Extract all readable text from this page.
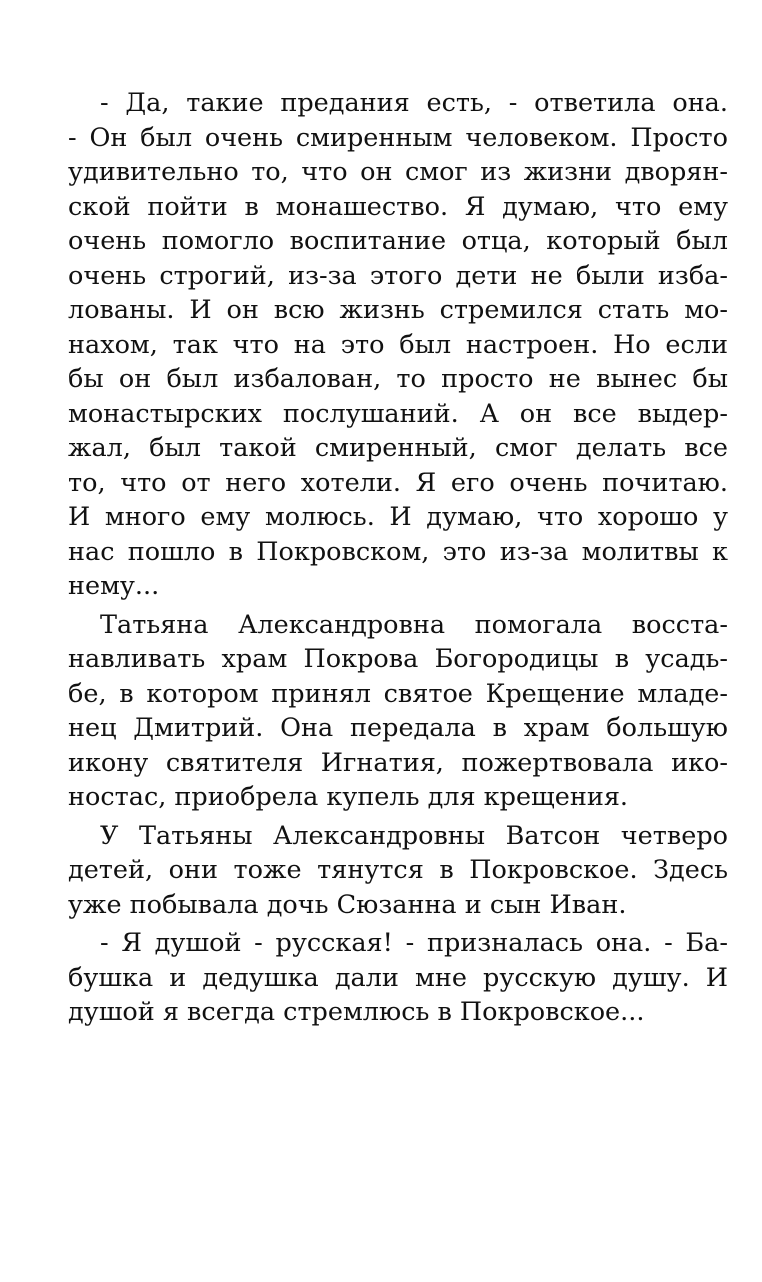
- Да, такие предания есть, - ответила она.
- Он был очень смиренным человеком. Просто
удивительно то, что он смог из жизни дворян-
ской пойти в монашество. Я думаю, что ему
очень помогло воспитание отца, который был
очень строгий, из-за этого дети не были изба-
лованы. И он всю жизнь стремился стать мо-
нахом, так что на это был настроен. Но если
бы он был избалован, то просто не вынес бы
монастырских послушаний. А он все выдер-
жал, был такой смиренный, смог делать все
то, что от него хотели. Я его очень почитаю.
И много ему молюсь. И думаю, что хорошо у
нас пошло в Покровском, это из-за молитвы к
нему...
Татьяна Александровна помогала восста-
навливать храм Покрова Богородицы в усадь-
бе, в котором принял святое Крещение младе-
нец Дмитрий. Она передала в храм большую
икону святителя Игнатия, пожертвовала ико-
ностас, приобрела купель для крещения.
У Татьяны Александровны Ватсон четверо
детей, они тоже тянутся в Покровское. Здесь
уже побывала дочь Сюзанна и сын Иван.
- Я душой - русская! - призналась она. - Ба-
бушка и дедушка дали мне русскую душу. И
душой я всегда стремлюсь в Покровское...
